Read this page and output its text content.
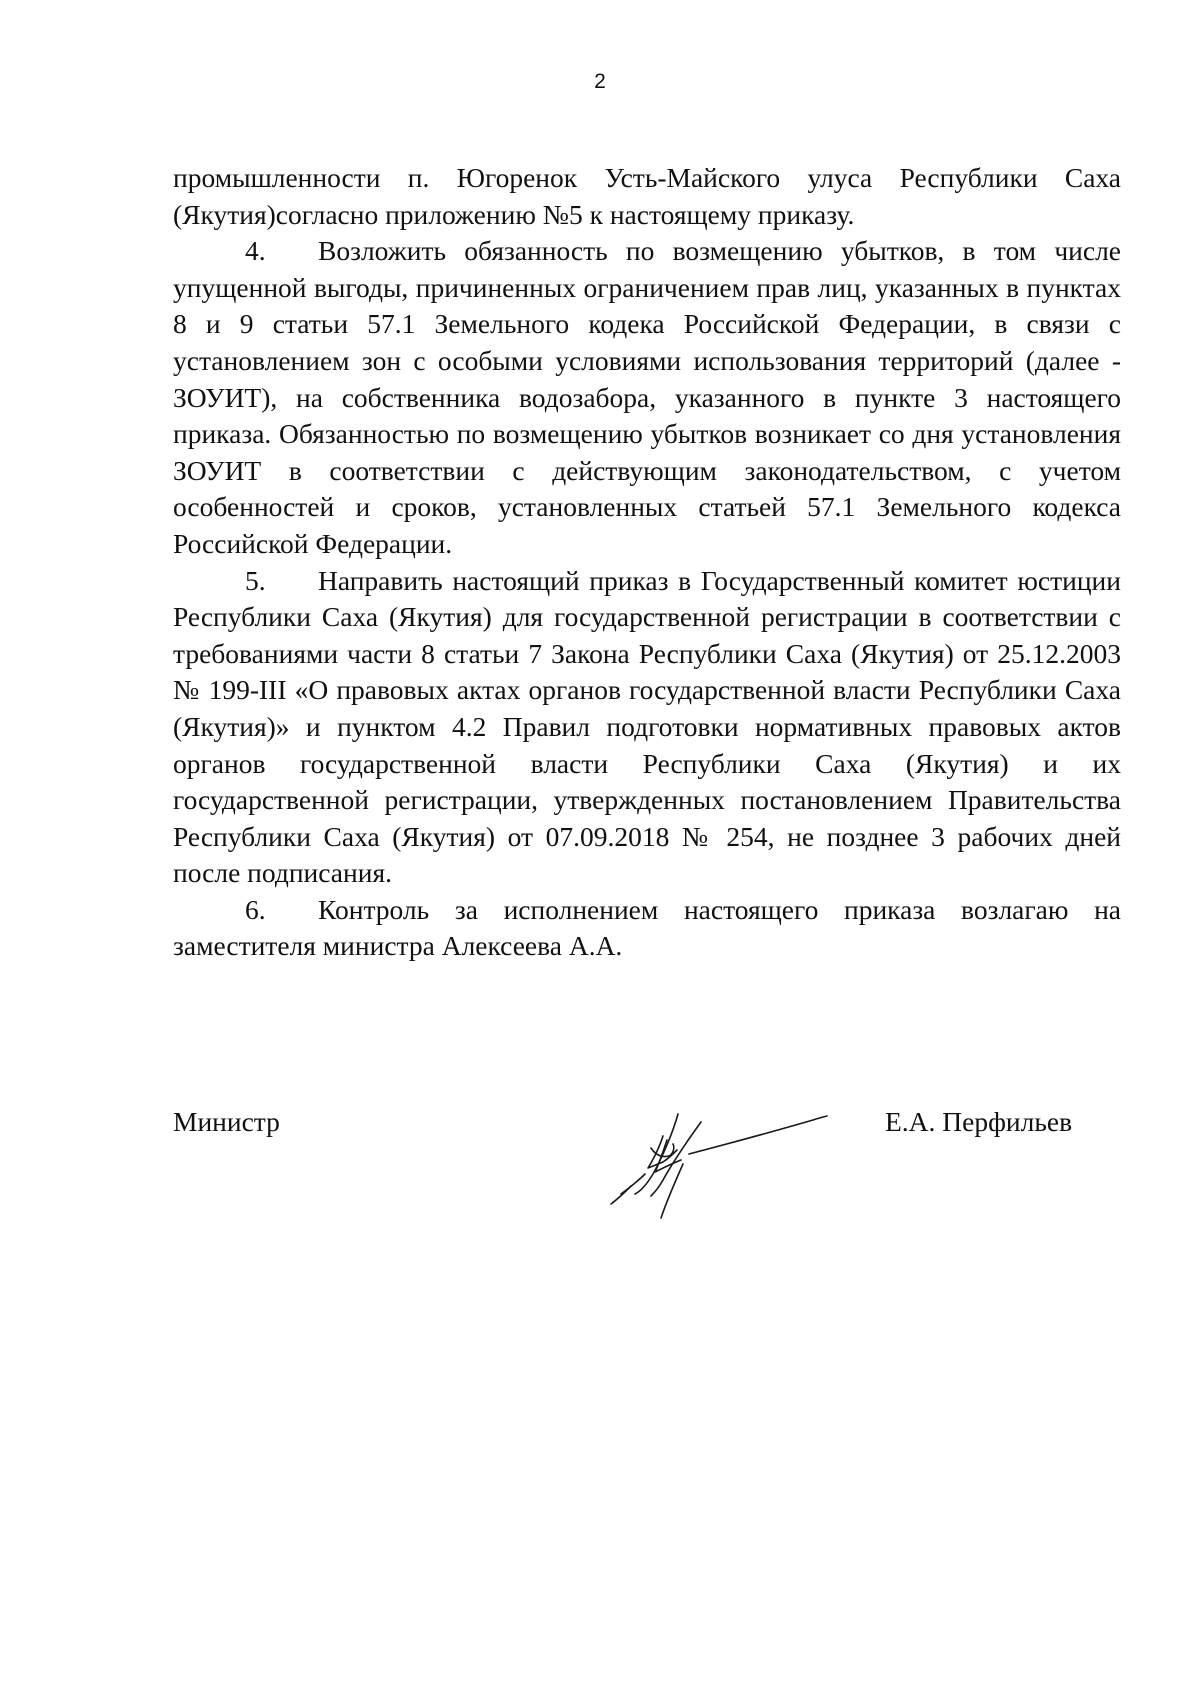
2

промышленности п. Югоренок Усть-Майского улуса Республики Саха (Якутия)согласно приложению №5 к настоящему приказу.

4. Возложить обязанность по возмещению убытков, в том числе упущенной выгоды, причиненных ограничением прав лиц, указанных в пунктах 8 и 9 статьи 57.1 Земельного кодека Российской Федерации, в связи с установлением зон с особыми условиями использования территорий (далее - ЗОУИТ), на собственника водозабора, указанного в пункте 3 настоящего приказа. Обязанностью по возмещению убытков возникает со дня установления ЗОУИТ в соответствии с действующим законодательством, с учетом особенностей и сроков, установленных статьей 57.1 Земельного кодекса Российской Федерации.

5. Направить настоящий приказ в Государственный комитет юстиции Республики Саха (Якутия) для государственной регистрации в соответствии с требованиями части 8 статьи 7 Закона Республики Саха (Якутия) от 25.12.2003 № 199-III «О правовых актах органов государственной власти Республики Саха (Якутия)» и пунктом 4.2 Правил подготовки нормативных правовых актов органов государственной власти Республики Саха (Якутия) и их государственной регистрации, утвержденных постановлением Правительства Республики Саха (Якутия) от 07.09.2018 № 254, не позднее 3 рабочих дней после подписания.

6. Контроль за исполнением настоящего приказа возлагаю на заместителя министра Алексеева А.А.

Министр	Е.А. Перфильев
